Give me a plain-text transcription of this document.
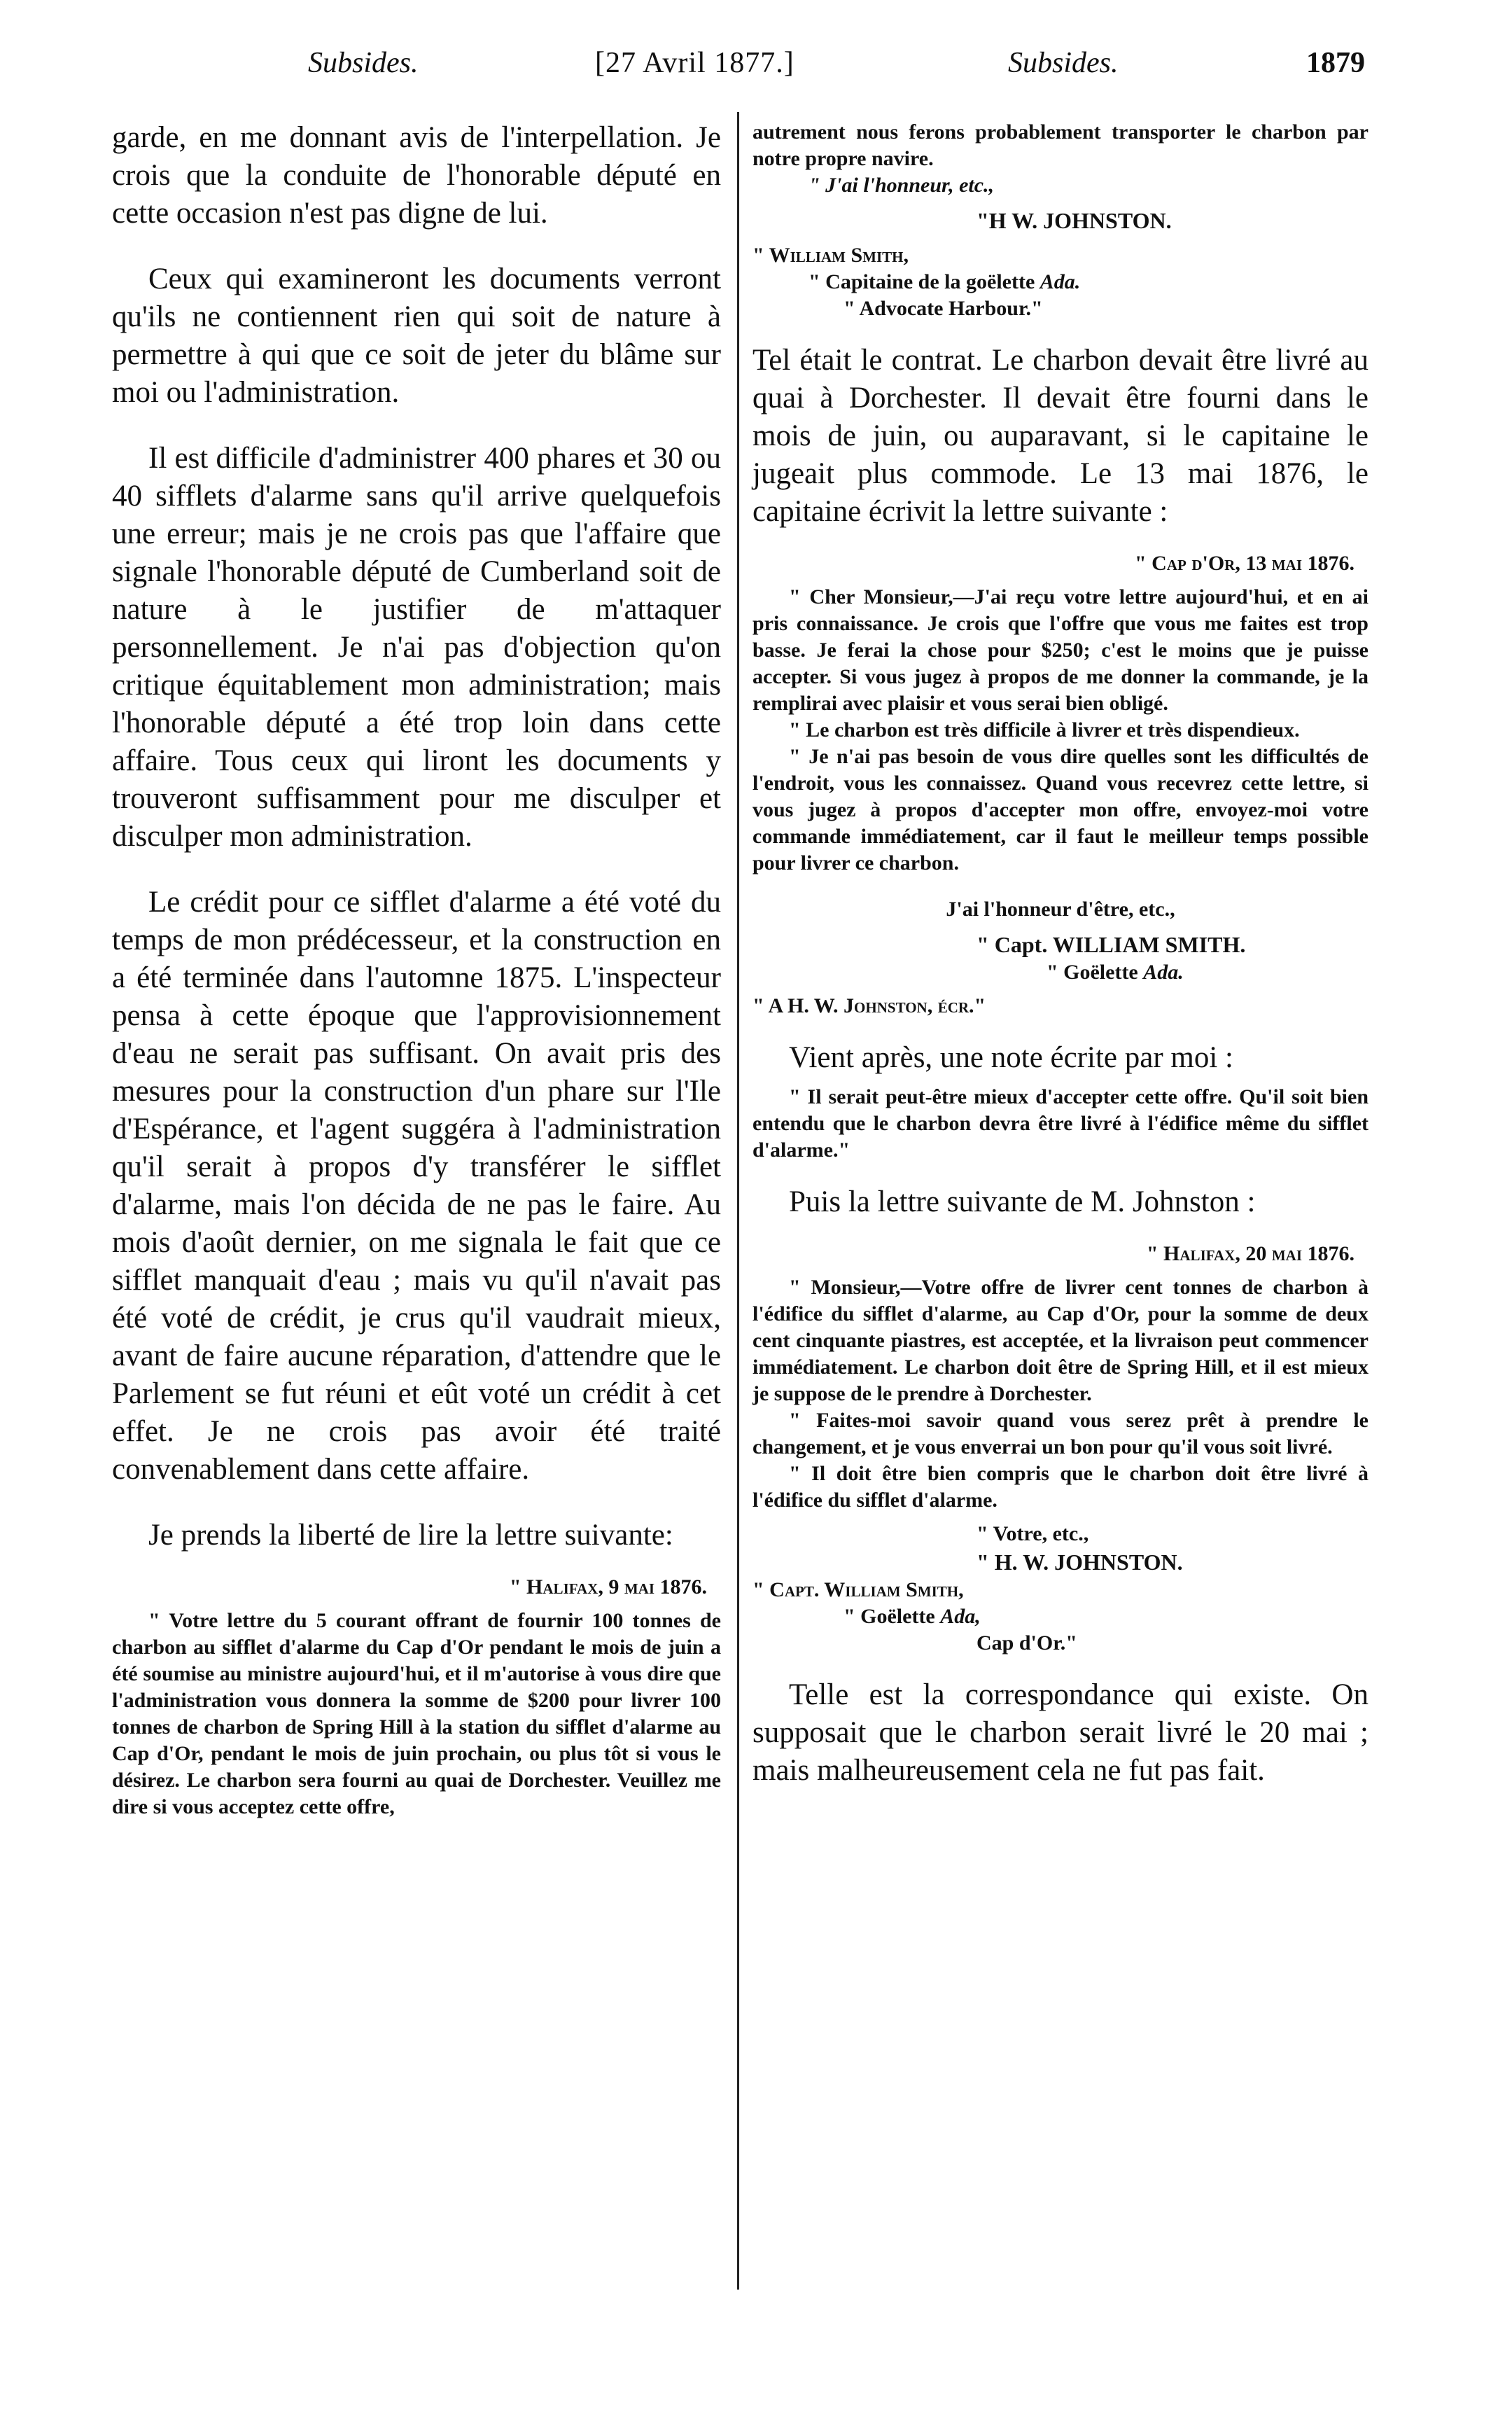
Subsides.	[27 Avril 1877.]	Subsides.	1879

garde, en me donnant avis de l'interpellation. Je crois que la conduite de l'honorable député en cette occasion n'est pas digne de lui.

Ceux qui examineront les documents verront qu'ils ne contiennent rien qui soit de nature à permettre à qui que ce soit de jeter du blâme sur moi ou l'administration.

Il est difficile d'administrer 400 phares et 30 ou 40 sifflets d'alarme sans qu'il arrive quelquefois une erreur; mais je ne crois pas que l'affaire que signale l'honorable député de Cumberland soit de nature à le justifier de m'attaquer personnellement. Je n'ai pas d'objection qu'on critique équitablement mon administration; mais l'honorable député a été trop loin dans cette affaire. Tous ceux qui liront les documents y trouveront suffisamment pour me disculper et disculper mon administration.

Le crédit pour ce sifflet d'alarme a été voté du temps de mon prédécesseur, et la construction en a été terminée dans l'automne 1875. L'inspecteur pensa à cette époque que l'approvisionnement d'eau ne serait pas suffisant. On avait pris des mesures pour la construction d'un phare sur l'Ile d'Espérance, et l'agent suggéra à l'administration qu'il serait à propos d'y transférer le sifflet d'alarme, mais l'on décida de ne pas le faire. Au mois d'août dernier, on me signala le fait que ce sifflet manquait d'eau ; mais vu qu'il n'avait pas été voté de crédit, je crus qu'il vaudrait mieux, avant de faire aucune réparation, d'attendre que le Parlement se fut réuni et eût voté un crédit à cet effet. Je ne crois pas avoir été traité convenablement dans cette affaire.

Je prends la liberté de lire la lettre suivante:

" Halifax, 9 mai 1876.

" Votre lettre du 5 courant offrant de fournir 100 tonnes de charbon au sifflet d'alarme du Cap d'Or pendant le mois de juin a été soumise au ministre aujourd'hui, et il m'autorise à vous dire que l'administration vous donnera la somme de $200 pour livrer 100 tonnes de charbon de Spring Hill à la station du sifflet d'alarme au Cap d'Or, pendant le mois de juin prochain, ou plus tôt si vous le désirez. Le charbon sera fourni au quai de Dorchester. Veuillez me dire si vous acceptez cette offre,

autrement nous ferons probablement transporter le charbon par notre propre navire.

" J'ai l'honneur, etc.,

"H W. JOHNSTON.

" William Smith,

" Capitaine de la goëlette Ada.

" Advocate Harbour."

Tel était le contrat. Le charbon devait être livré au quai à Dorchester. Il devait être fourni dans le mois de juin, ou auparavant, si le capitaine le jugeait plus commode. Le 13 mai 1876, le capitaine écrivit la lettre suivante :

" Cap d'Or, 13 mai 1876.

" Cher Monsieur,—J'ai reçu votre lettre aujourd'hui, et en ai pris connaissance. Je crois que l'offre que vous me faites est trop basse. Je ferai la chose pour $250; c'est le moins que je puisse accepter. Si vous jugez à propos de me donner la commande, je la remplirai avec plaisir et vous serai bien obligé.

" Le charbon est très difficile à livrer et très dispendieux.

" Je n'ai pas besoin de vous dire quelles sont les difficultés de l'endroit, vous les connaissez. Quand vous recevrez cette lettre, si vous jugez à propos d'accepter mon offre, envoyez-moi votre commande immédiatement, car il faut le meilleur temps possible pour livrer ce charbon.

J'ai l'honneur d'être, etc.,

" Capt. WILLIAM SMITH.

" Goëlette Ada.

" A H. W. Johnston, écr."

Vient après, une note écrite par moi :

" Il serait peut-être mieux d'accepter cette offre. Qu'il soit bien entendu que le charbon devra être livré à l'édifice même du sifflet d'alarme."

Puis la lettre suivante de M. Johnston :

" Halifax, 20 mai 1876.

" Monsieur,—Votre offre de livrer cent tonnes de charbon à l'édifice du sifflet d'alarme, au Cap d'Or, pour la somme de deux cent cinquante piastres, est acceptée, et la livraison peut commencer immédiatement. Le charbon doit être de Spring Hill, et il est mieux je suppose de le prendre à Dorchester.

" Faites-moi savoir quand vous serez prêt à prendre le changement, et je vous enverrai un bon pour qu'il vous soit livré.

" Il doit être bien compris que le charbon doit être livré à l'édifice du sifflet d'alarme.

" Votre, etc.,

" H. W. JOHNSTON.

" Capt. William Smith,

" Goëlette Ada,

Cap d'Or."

Telle est la correspondance qui existe. On supposait que le charbon serait livré le 20 mai ; mais malheureusement cela ne fut pas fait.
